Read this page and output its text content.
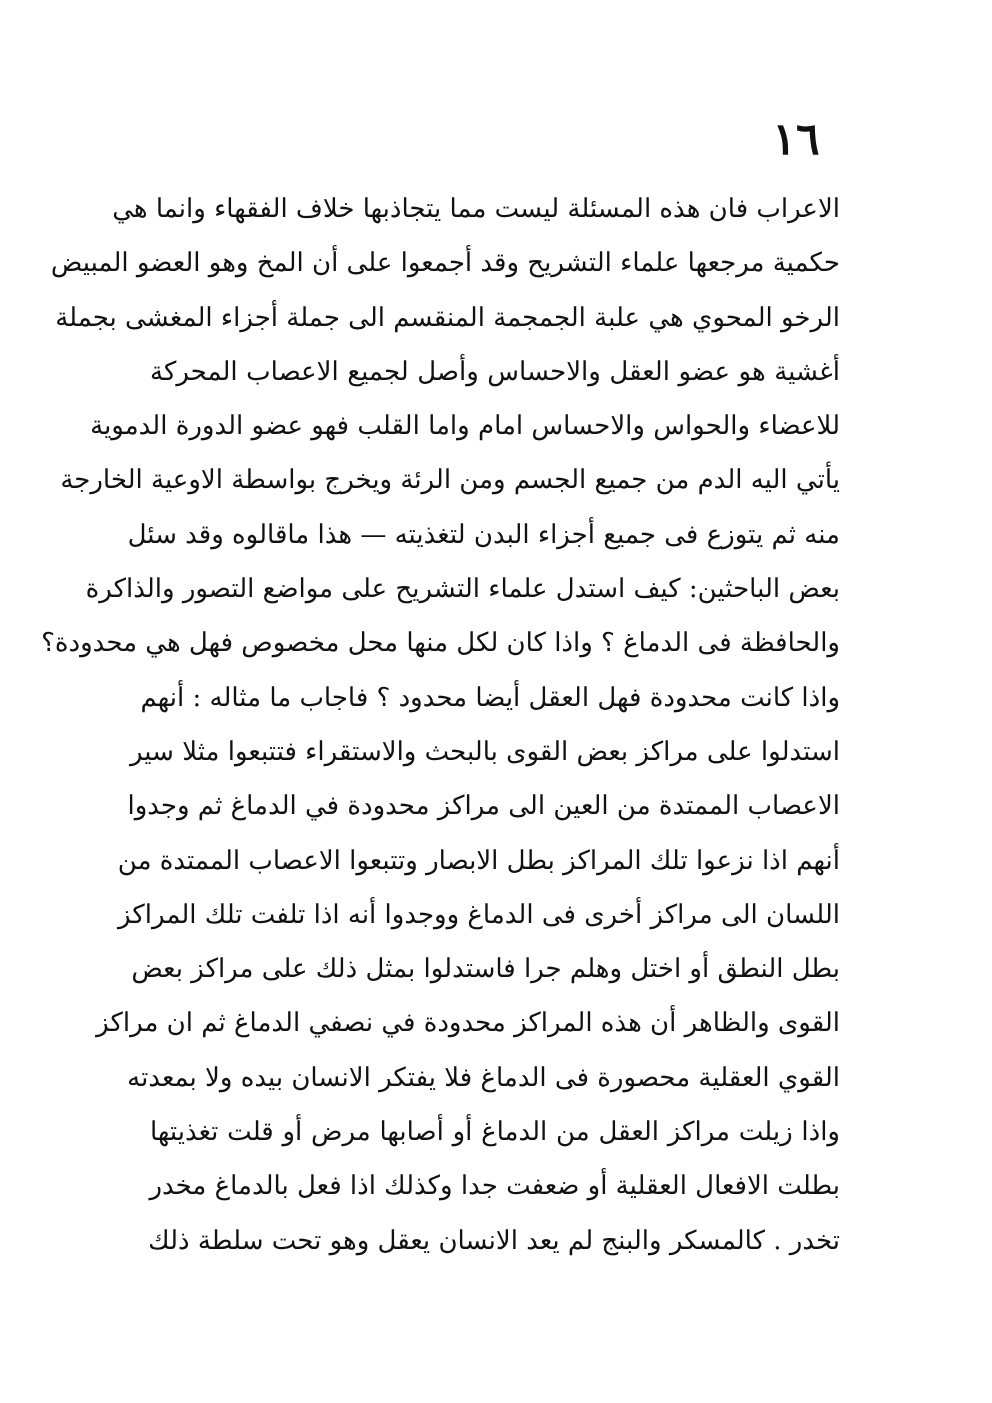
١٦
الاعراب فان هذه المسئلة ليست مما يتجاذبها خلاف الفقهاء وانما هي
حكمية مرجعها علماء التشريح وقد أجمعوا على أن المخ وهو العضو المبيض
الرخو المحوي هي علبة الجمجمة المنقسم الى جملة أجزاء المغشى بجملة
أغشية هو عضو العقل والاحساس وأصل لجميع الاعصاب المحركة
للاعضاء والحواس والاحساس امام واما القلب فهو عضو الدورة الدموية
يأتي اليه الدم من جميع الجسم ومن الرئة ويخرج بواسطة الاوعية الخارجة
منه ثم يتوزع فى جميع أجزاء البدن لتغذيته — هذا ماقالوه وقد سئل
بعض الباحثين: كيف استدل علماء التشريح على مواضع التصور والذاكرة
والحافظة فى الدماغ ؟ واذا كان لكل منها محل مخصوص فهل هي محدودة؟
واذا كانت محدودة فهل العقل أيضا محدود ؟ فاجاب ما مثاله : أنهم
استدلوا على مراكز بعض القوى بالبحث والاستقراء فتتبعوا مثلا سير
الاعصاب الممتدة من العين الى مراكز محدودة في الدماغ ثم وجدوا
أنهم اذا نزعوا تلك المراكز بطل الابصار وتتبعوا الاعصاب الممتدة من
اللسان الى مراكز أخرى فى الدماغ ووجدوا أنه اذا تلفت تلك المراكز
بطل النطق أو اختل وهلم جرا فاستدلوا بمثل ذلك على مراكز بعض
القوى والظاهر أن هذه المراكز محدودة في نصفي الدماغ ثم ان مراكز
القوي العقلية محصورة فى الدماغ فلا يفتكر الانسان بيده ولا بمعدته
واذا زيلت مراكز العقل من الدماغ أو أصابها مرض أو قلت تغذيتها
بطلت الافعال العقلية أو ضعفت جدا وكذلك اذا فعل بالدماغ مخدر
تخدر . كالمسكر والبنج لم يعد الانسان يعقل وهو تحت سلطة ذلك
